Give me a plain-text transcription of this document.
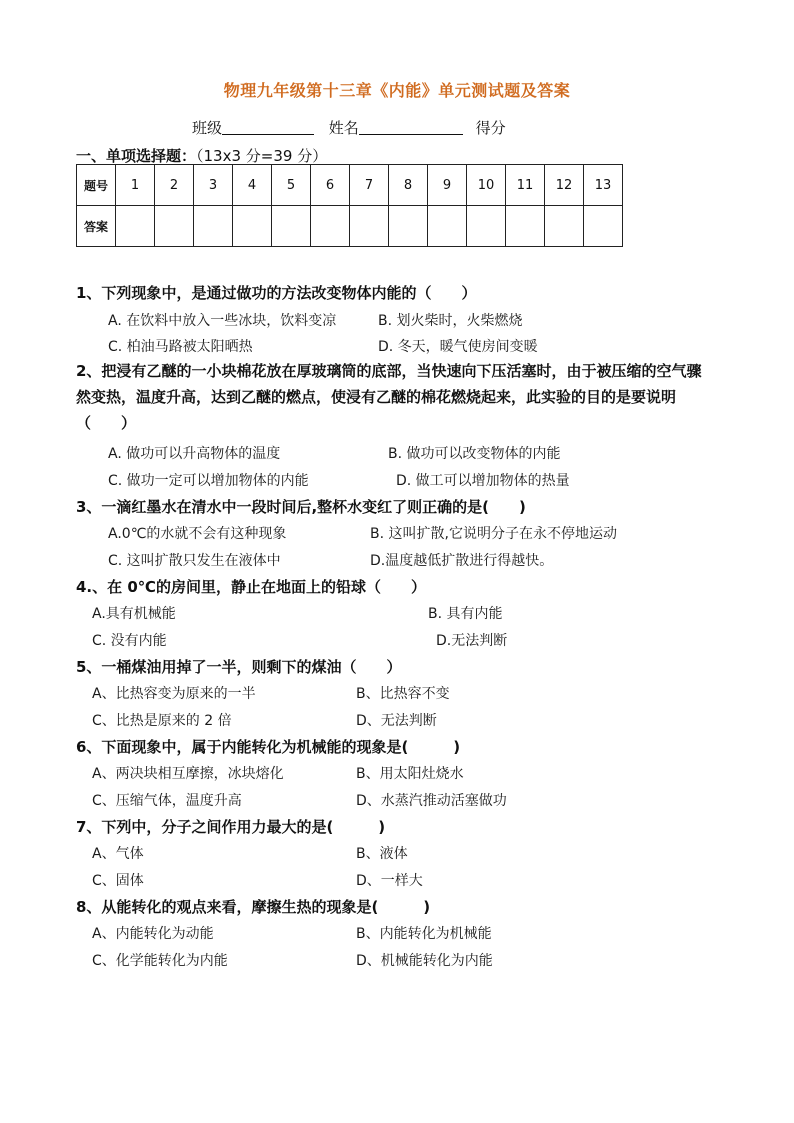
物理九年级第十三章《内能》单元测试题及答案
班级	姓名	得分
一、单项选择题：（13x3 分=39 分）
题号	1	2	3	4	5	6	7	8	9	10	11	12	13
答案													
1、下列现象中，是通过做功的方法改变物体内能的（　　）
A. 在饮料中放入一些冰块，饮料变凉	B. 划火柴时，火柴燃烧
C. 柏油马路被太阳晒热	D. 冬天，暖气使房间变暖
2、把浸有乙醚的一小块棉花放在厚玻璃筒的底部，当快速向下压活塞时，由于被压缩的空气骤然变热，温度升高，达到乙醚的燃点，使浸有乙醚的棉花燃烧起来，此实验的目的是要说明（　　）
A. 做功可以升高物体的温度	B. 做功可以改变物体的内能
C. 做功一定可以增加物体的内能	D. 做工可以增加物体的热量
3、一滴红墨水在清水中一段时间后,整杯水变红了则正确的是(　　)
A.0℃的水就不会有这种现象	B. 这叫扩散,它说明分子在永不停地运动
C. 这叫扩散只发生在液体中	D.温度越低扩散进行得越快。
4.、在 0℃的房间里，静止在地面上的铅球（　　）
A.具有机械能	B. 具有内能
C. 没有内能	D.无法判断
5、一桶煤油用掉了一半，则剩下的煤油（　　）
A、比热容变为原来的一半	B、比热容不变
C、比热是原来的 2 倍	D、无法判断
6、下面现象中，属于内能转化为机械能的现象是(　　　)
A、两决块相互摩擦，冰块熔化	B、用太阳灶烧水
C、压缩气体，温度升高	D、水蒸汽推动活塞做功
7、下列中，分子之间作用力最大的是(　　　)
A、气体	B、液体
C、固体	D、一样大
8、从能转化的观点来看，摩擦生热的现象是(　　　)
A、内能转化为动能	B、内能转化为机械能
C、化学能转化为内能	D、机械能转化为内能
